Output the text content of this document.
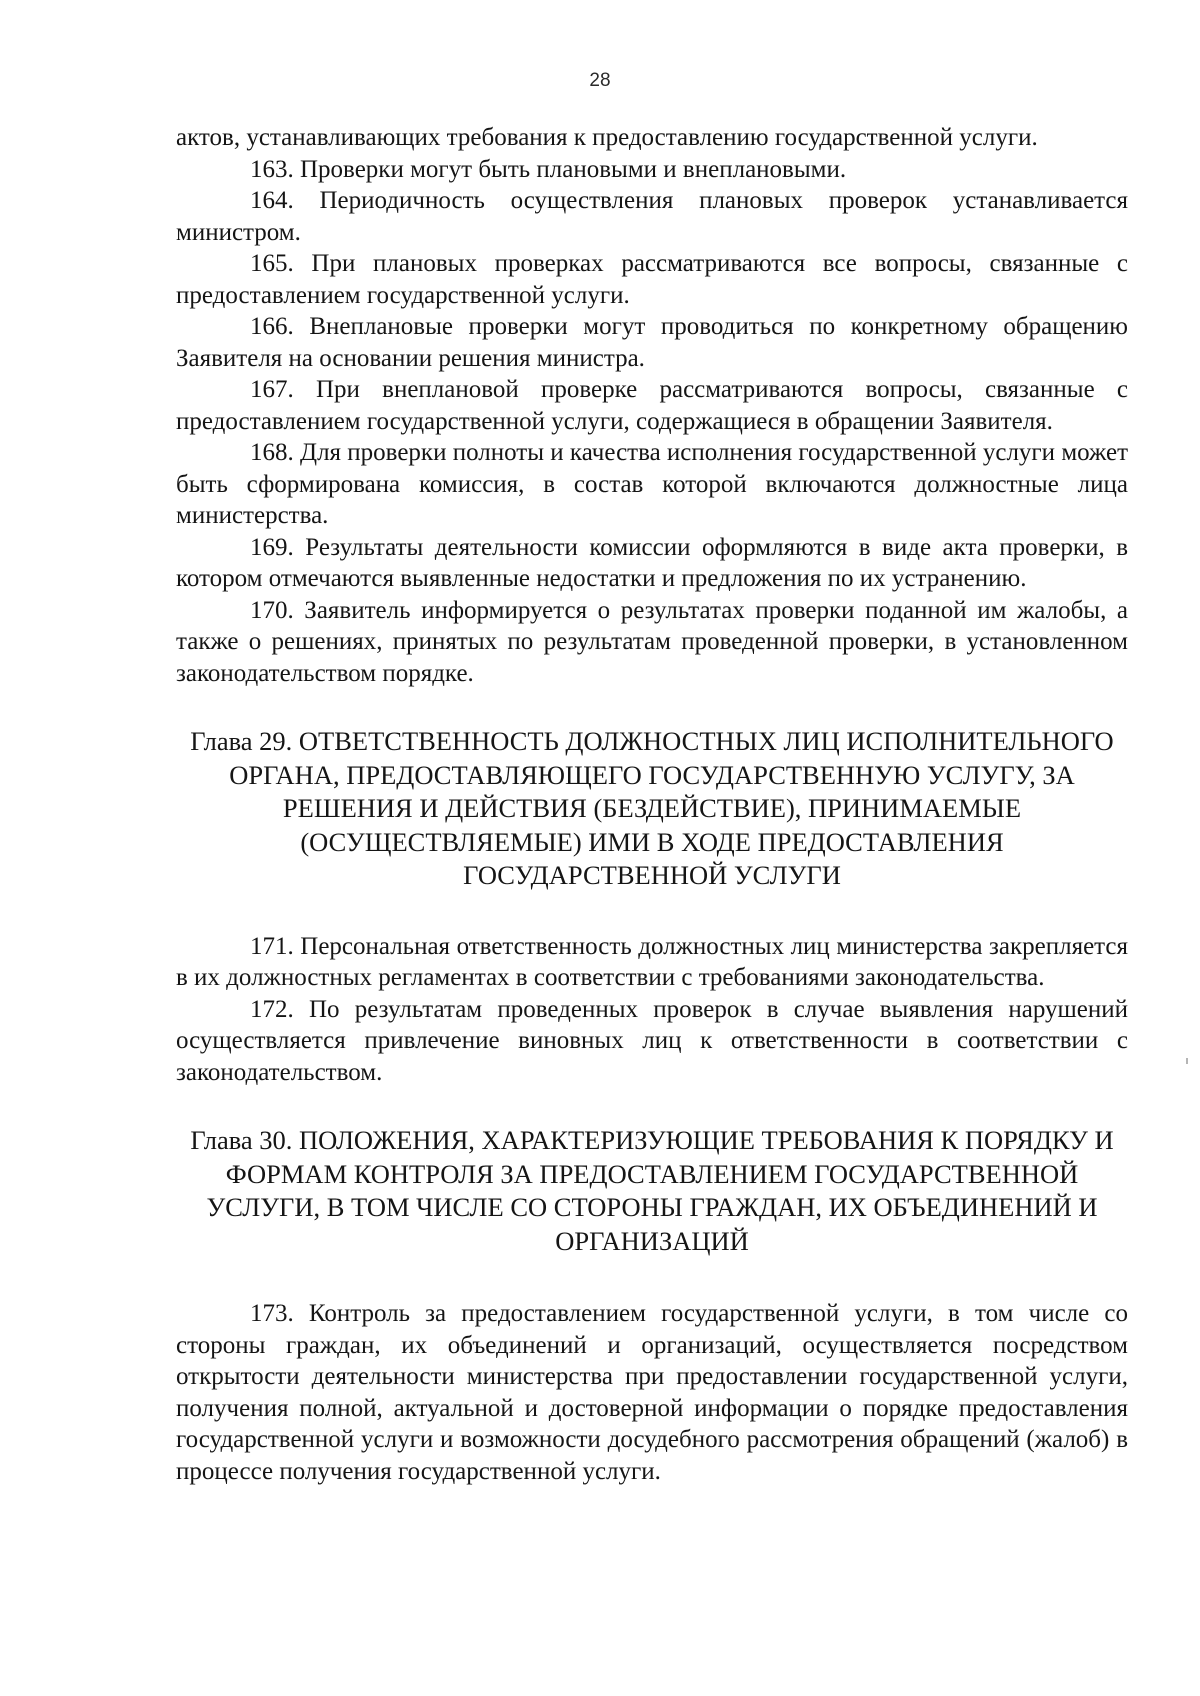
28

актов, устанавливающих требования к предоставлению государственной услуги.

163. Проверки могут быть плановыми и внеплановыми.

164. Периодичность осуществления плановых проверок устанавливается министром.

165. При плановых проверках рассматриваются все вопросы, связанные с предоставлением государственной услуги.

166. Внеплановые проверки могут проводиться по конкретному обращению Заявителя на основании решения министра.

167. При внеплановой проверке рассматриваются вопросы, связанные с предоставлением государственной услуги, содержащиеся в обращении Заявителя.

168. Для проверки полноты и качества исполнения государственной услуги может быть сформирована комиссия, в состав которой включаются должностные лица министерства.

169. Результаты деятельности комиссии оформляются в виде акта проверки, в котором отмечаются выявленные недостатки и предложения по их устранению.

170. Заявитель информируется о результатах проверки поданной им жалобы, а также о решениях, принятых по результатам проведенной проверки, в установленном законодательством порядке.

Глава 29. ОТВЕТСТВЕННОСТЬ ДОЛЖНОСТНЫХ ЛИЦ ИСПОЛНИТЕЛЬНОГО ОРГАНА, ПРЕДОСТАВЛЯЮЩЕГО ГОСУДАРСТВЕННУЮ УСЛУГУ, ЗА РЕШЕНИЯ И ДЕЙСТВИЯ (БЕЗДЕЙСТВИЕ), ПРИНИМАЕМЫЕ (ОСУЩЕСТВЛЯЕМЫЕ) ИМИ В ХОДЕ ПРЕДОСТАВЛЕНИЯ ГОСУДАРСТВЕННОЙ УСЛУГИ

171. Персональная ответственность должностных лиц министерства закрепляется в их должностных регламентах в соответствии с требованиями законодательства.

172. По результатам проведенных проверок в случае выявления нарушений осуществляется привлечение виновных лиц к ответственности в соответствии с законодательством.

Глава 30. ПОЛОЖЕНИЯ, ХАРАКТЕРИЗУЮЩИЕ ТРЕБОВАНИЯ К ПОРЯДКУ И ФОРМАМ КОНТРОЛЯ ЗА ПРЕДОСТАВЛЕНИЕМ ГОСУДАРСТВЕННОЙ УСЛУГИ, В ТОМ ЧИСЛЕ СО СТОРОНЫ ГРАЖДАН, ИХ ОБЪЕДИНЕНИЙ И ОРГАНИЗАЦИЙ

173. Контроль за предоставлением государственной услуги, в том числе со стороны граждан, их объединений и организаций, осуществляется посредством открытости деятельности министерства при предоставлении государственной услуги, получения полной, актуальной и достоверной информации о порядке предоставления государственной услуги и возможности досудебного рассмотрения обращений (жалоб) в процессе получения государственной услуги.
